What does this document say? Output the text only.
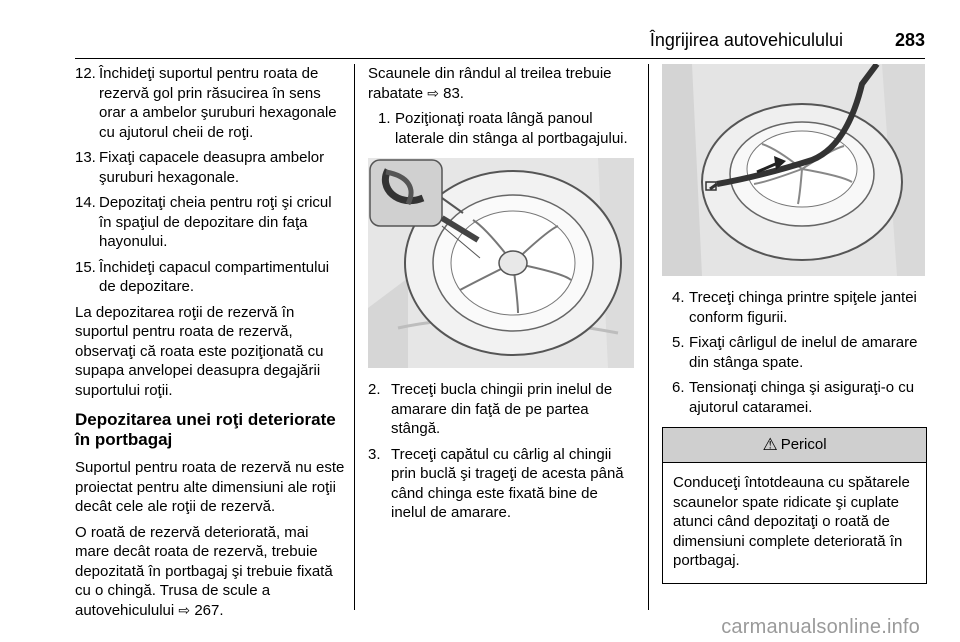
Îngrijirea autovehiculului	283
12. Închideţi suportul pentru roata de rezervă gol prin răsucirea în sens orar a ambelor şuruburi hexagonale cu ajutorul cheii de roţi.
13. Fixaţi capacele deasupra ambelor şuruburi hexagonale.
14. Depozitaţi cheia pentru roţi şi cricul în spaţiul de depozitare din faţa hayonului.
15. Închideţi capacul compartimentului de depozitare.

La depozitarea roţii de rezervă în suportul pentru roata de rezervă, observaţi că roata este poziţionată cu supapa anvelopei deasupra degajării suportului roţii.

Depozitarea unei roţi deteriorate în portbagaj

Suportul pentru roata de rezervă nu este proiectat pentru alte dimensiuni ale roţii decât cele ale roţii de rezervă.

O roată de rezervă deteriorată, mai mare decât roata de rezervă, trebuie depozitată în portbagaj şi trebuie fixată cu o chingă. Trusa de scule a autovehiculului ⇨ 267.

Scaunele din rândul al treilea trebuie rabatate ⇨ 83.

1. Poziţionaţi roata lângă panoul laterale din stânga al portbagajului.
2. Treceţi bucla chingii prin inelul de amarare din faţă de pe partea stângă.
3. Treceţi capătul cu cârlig al chingii prin buclă şi trageţi de acesta până când chinga este fixată bine de inelul de amarare.
4. Treceţi chinga printre spiţele jantei conform figurii.
5. Fixaţi cârligul de inelul de amarare din stânga spate.
6. Tensionaţi chinga şi asiguraţi-o cu ajutorul cataramei.
⚠ Pericol
Conduceţi întotdeauna cu spătarele scaunelor spate ridicate şi cuplate atunci când depozitaţi o roată de dimensiuni complete deteriorată în portbagaj.
carmanualsonline.info
